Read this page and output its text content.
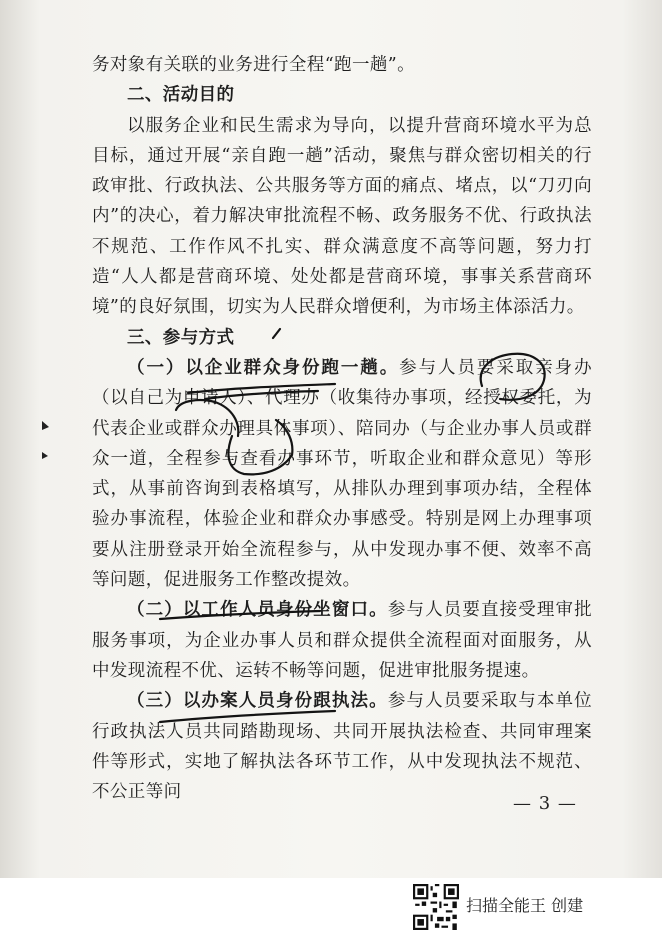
务对象有关联的业务进行全程“跑一趟”。

二、活动目的

以服务企业和民生需求为导向，以提升营商环境水平为总目标，通过开展“亲自跑一趟”活动，聚焦与群众密切相关的行政审批、行政执法、公共服务等方面的痛点、堵点，以“刀刃向内”的决心，着力解决审批流程不畅、政务服务不优、行政执法不规范、工作作风不扎实、群众满意度不高等问题，努力打造“人人都是营商环境、处处都是营商环境，事事关系营商环境”的良好氛围，切实为人民群众增便利，为市场主体添活力。

三、参与方式

（一）以企业群众身份跑一趟。参与人员要采取亲身办（以自己为申请人）、代理办（收集待办事项，经授权委托，为代表企业或群众办理具体事项）、陪同办（与企业办事人员或群众一道，全程参与查看办事环节，听取企业和群众意见）等形式，从事前咨询到表格填写，从排队办理到事项办结，全程体验办事流程，体验企业和群众办事感受。特别是网上办理事项要从注册登录开始全流程参与，从中发现办事不便、效率不高等问题，促进服务工作整改提效。

（二）以工作人员身份坐窗口。参与人员要直接受理审批服务事项，为企业办事人员和群众提供全流程面对面服务，从中发现流程不优、运转不畅等问题，促进审批服务提速。

（三）以办案人员身份跟执法。参与人员要采取与本单位行政执法人员共同踏勘现场、共同开展执法检查、共同审理案件等形式，实地了解执法各环节工作，从中发现执法不规范、不公正等问

— 3 —
扫描全能王 创建
